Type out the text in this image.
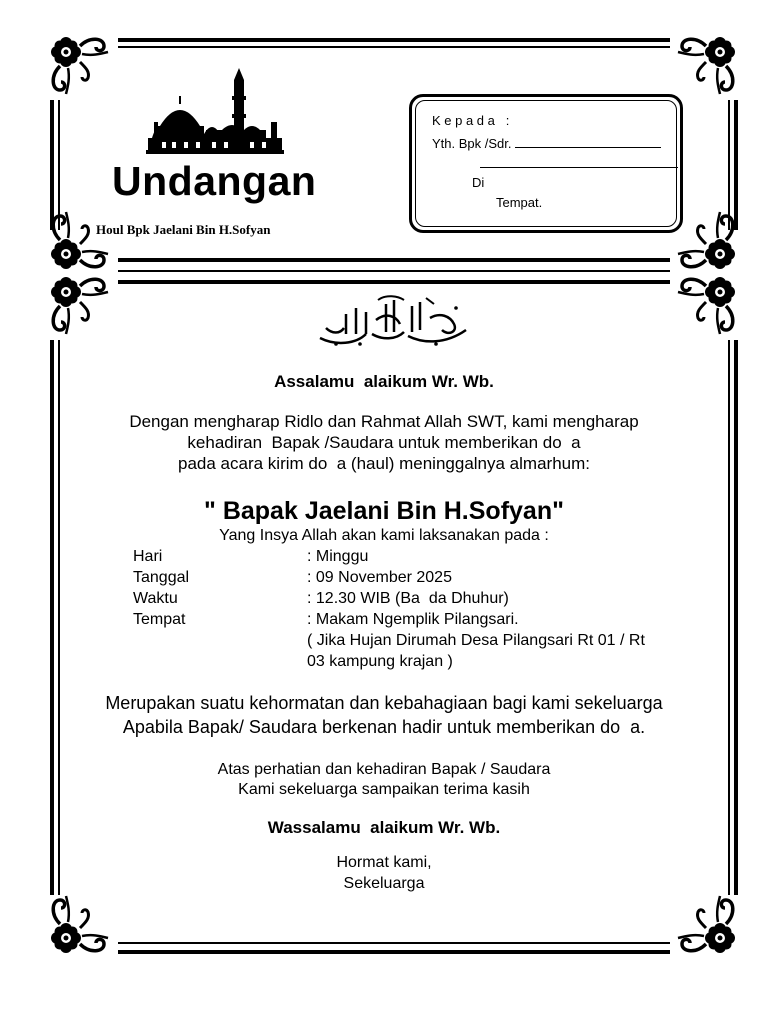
Undangan
Houl Bpk Jaelani Bin H.Sofyan
K e p a d a   :
Yth. Bpk /Sdr.
Di
Tempat.
Assalamu  alaikum Wr. Wb.
Dengan mengharap Ridlo dan Rahmat Allah SWT, kami mengharap
kehadiran  Bapak /Saudara untuk memberikan do  a
pada acara kirim do  a (haul) meninggalnya almarhum:
" Bapak Jaelani Bin H.Sofyan"
Yang Insya Allah akan kami laksanakan pada :
Hari	: Minggu
Tanggal	: 09 November 2025
Waktu	: 12.30 WIB (Ba  da Dhuhur)
Tempat	: Makam Ngemplik Pilangsari.
( Jika Hujan Dirumah Desa Pilangsari Rt 01 / Rt
03 kampung krajan )
Merupakan suatu kehormatan dan kebahagiaan bagi kami sekeluarga
Apabila Bapak/ Saudara berkenan hadir untuk memberikan do  a.
Atas perhatian dan kehadiran Bapak / Saudara
Kami sekeluarga sampaikan terima kasih
Wassalamu  alaikum Wr. Wb.
Hormat kami,
Sekeluarga
